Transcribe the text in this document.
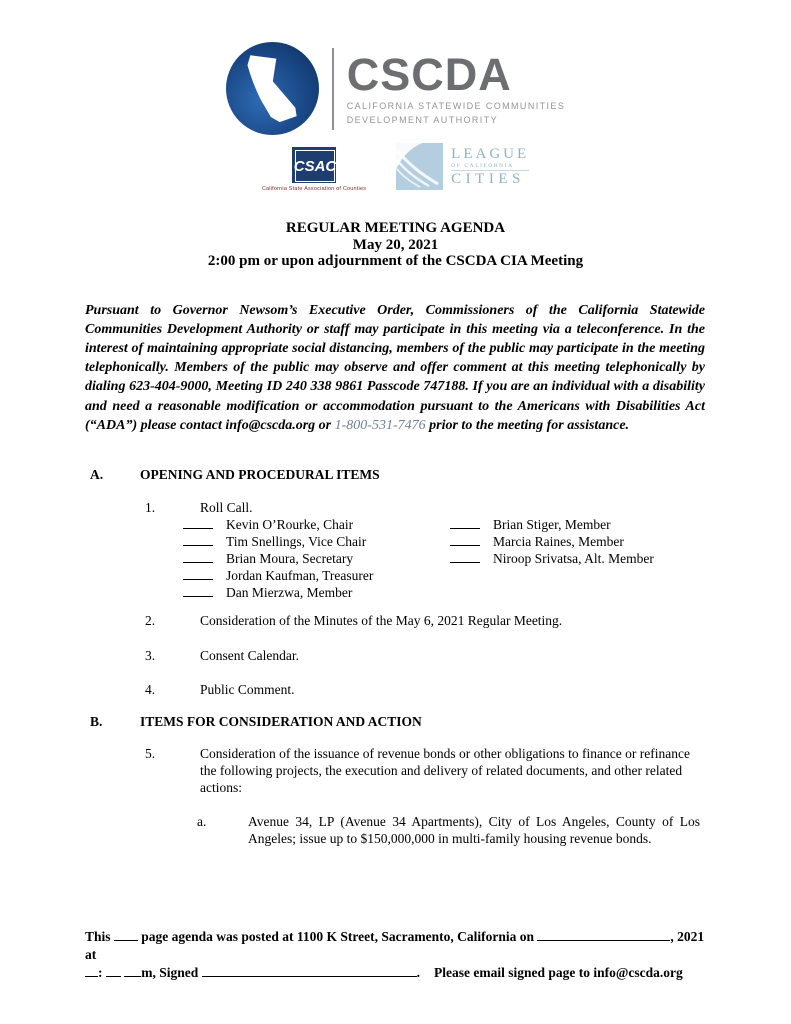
CSCDA
CALIFORNIA STATEWIDE COMMUNITIES
DEVELOPMENT AUTHORITY
CSAC
California State Association of Counties
LEAGUE
OF CALIFORNIA
CITIES
REGULAR MEETING AGENDA
May 20, 2021
2:00 pm or upon adjournment of the CSCDA CIA Meeting

Pursuant to Governor Newsom’s Executive Order, Commissioners of the California Statewide Communities Development Authority or staff may participate in this meeting via a teleconference. In the interest of maintaining appropriate social distancing, members of the public may participate in the meeting telephonically. Members of the public may observe and offer comment at this meeting telephonically by dialing 623-404-9000, Meeting ID 240 338 9861 Passcode 747188. If you are an individual with a disability and need a reasonable modification or accommodation pursuant to the Americans with Disabilities Act (“ADA”) please contact info@cscda.org or 1-800-531-7476 prior to the meeting for assistance.

A.	OPENING AND PROCEDURAL ITEMS
1.	Roll Call.
Kevin O’Rourke, Chair
Tim Snellings, Vice Chair
Brian Moura, Secretary
Jordan Kaufman, Treasurer
Dan Mierzwa, Member
Brian Stiger, Member
Marcia Raines, Member
Niroop Srivatsa, Alt. Member
2.	Consideration of the Minutes of the May 6, 2021 Regular Meeting.
3.	Consent Calendar.
4.	Public Comment.
B.	ITEMS FOR CONSIDERATION AND ACTION
5.	Consideration of the issuance of revenue bonds or other obligations to finance or refinance the following projects, the execution and delivery of related documents, and other related actions:
a.	Avenue 34, LP (Avenue 34 Apartments), City of Los Angeles, County of Los Angeles; issue up to $150,000,000 in multi-family housing revenue bonds.
This page agenda was posted at 1100 K Street, Sacramento, California on	, 2021 at
:	m, Signed	. Please email signed page to info@cscda.org
